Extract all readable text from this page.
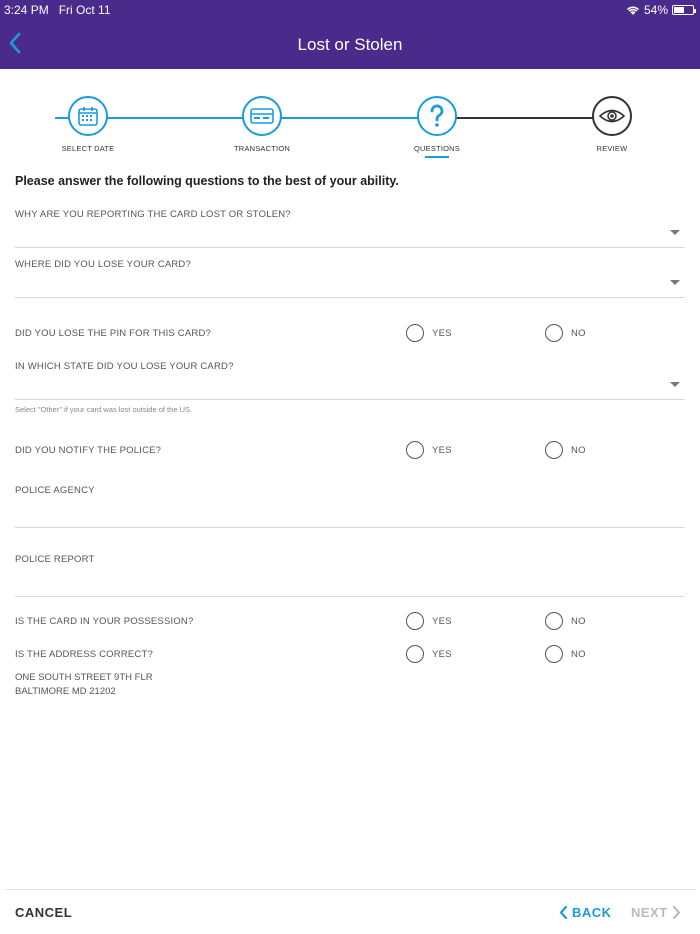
3:24 PM Fri Oct 11	54%
Lost or Stolen
SELECT DATE	TRANSACTION	QUESTIONS	REVIEW
Please answer the following questions to the best of your ability.
WHY ARE YOU REPORTING THE CARD LOST OR STOLEN?
WHERE DID YOU LOSE YOUR CARD?
DID YOU LOSE THE PIN FOR THIS CARD?	YES	NO
IN WHICH STATE DID YOU LOSE YOUR CARD?
Select "Other" if your card was lost outside of the US.
DID YOU NOTIFY THE POLICE?	YES	NO
POLICE AGENCY
POLICE REPORT
IS THE CARD IN YOUR POSSESSION?	YES	NO
IS THE ADDRESS CORRECT?	YES	NO
ONE SOUTH STREET 9TH FLR
BALTIMORE MD 21202
CANCEL	BACK NEXT
